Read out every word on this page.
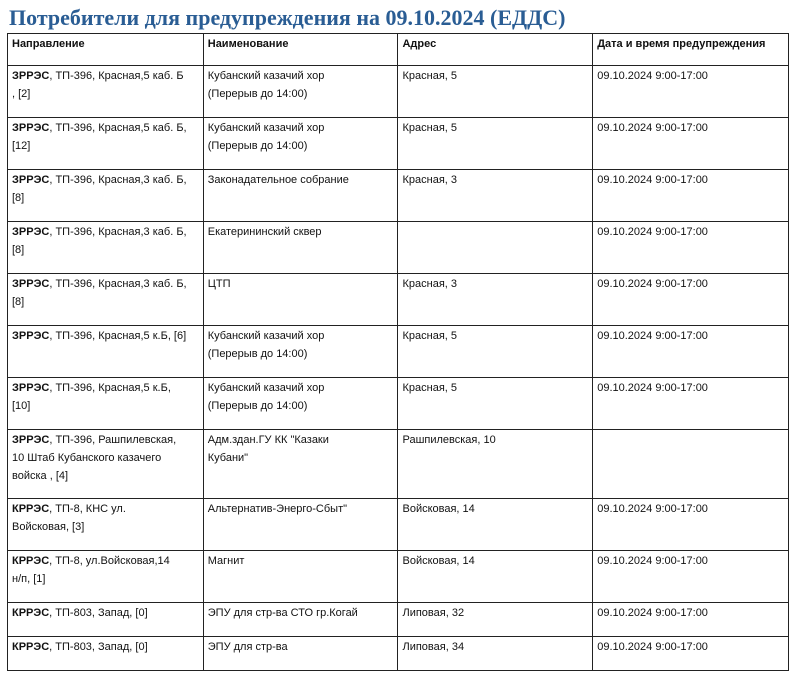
Потребители для предупреждения на 09.10.2024 (ЕДДС)
Направление	Наименование	Адрес	Дата и время предупреждения
ЗРРЭС, ТП-396, Красная,5 каб. Б
, [2]	Кубанский казачий хор
(Перерыв до 14:00)	Красная, 5	09.10.2024 9:00-17:00
ЗРРЭС, ТП-396, Красная,5 каб. Б,
[12]	Кубанский казачий хор
(Перерыв до 14:00)	Красная, 5	09.10.2024 9:00-17:00
ЗРРЭС, ТП-396, Красная,3 каб. Б,
[8]	Законадательное собрание	Красная, 3	09.10.2024 9:00-17:00
ЗРРЭС, ТП-396, Красная,3 каб. Б,
[8]	Екатерининский сквер		09.10.2024 9:00-17:00
ЗРРЭС, ТП-396, Красная,3 каб. Б,
[8]	ЦТП	Красная, 3	09.10.2024 9:00-17:00
ЗРРЭС, ТП-396, Красная,5 к.Б, [6]	Кубанский казачий хор
(Перерыв до 14:00)	Красная, 5	09.10.2024 9:00-17:00
ЗРРЭС, ТП-396, Красная,5 к.Б,
[10]	Кубанский казачий хор
(Перерыв до 14:00)	Красная, 5	09.10.2024 9:00-17:00
ЗРРЭС, ТП-396, Рашпилевская,
10 Штаб Кубанского казачего
войска , [4]	Адм.здан.ГУ КК "Казаки
Кубани"	Рашпилевская, 10	
КРРЭС, ТП-8, КНС ул.
Войсковая, [3]	Альтернатив-Энерго-Сбыт"	Войсковая, 14	09.10.2024 9:00-17:00
КРРЭС, ТП-8, ул.Войсковая,14
н/п, [1]	Магнит	Войсковая, 14	09.10.2024 9:00-17:00
КРРЭС, ТП-803, Запад, [0]	ЭПУ для стр-ва СТО гр.Когай	Липовая, 32	09.10.2024 9:00-17:00
КРРЭС, ТП-803, Запад, [0]	ЭПУ для стр-ва	Липовая, 34	09.10.2024 9:00-17:00
